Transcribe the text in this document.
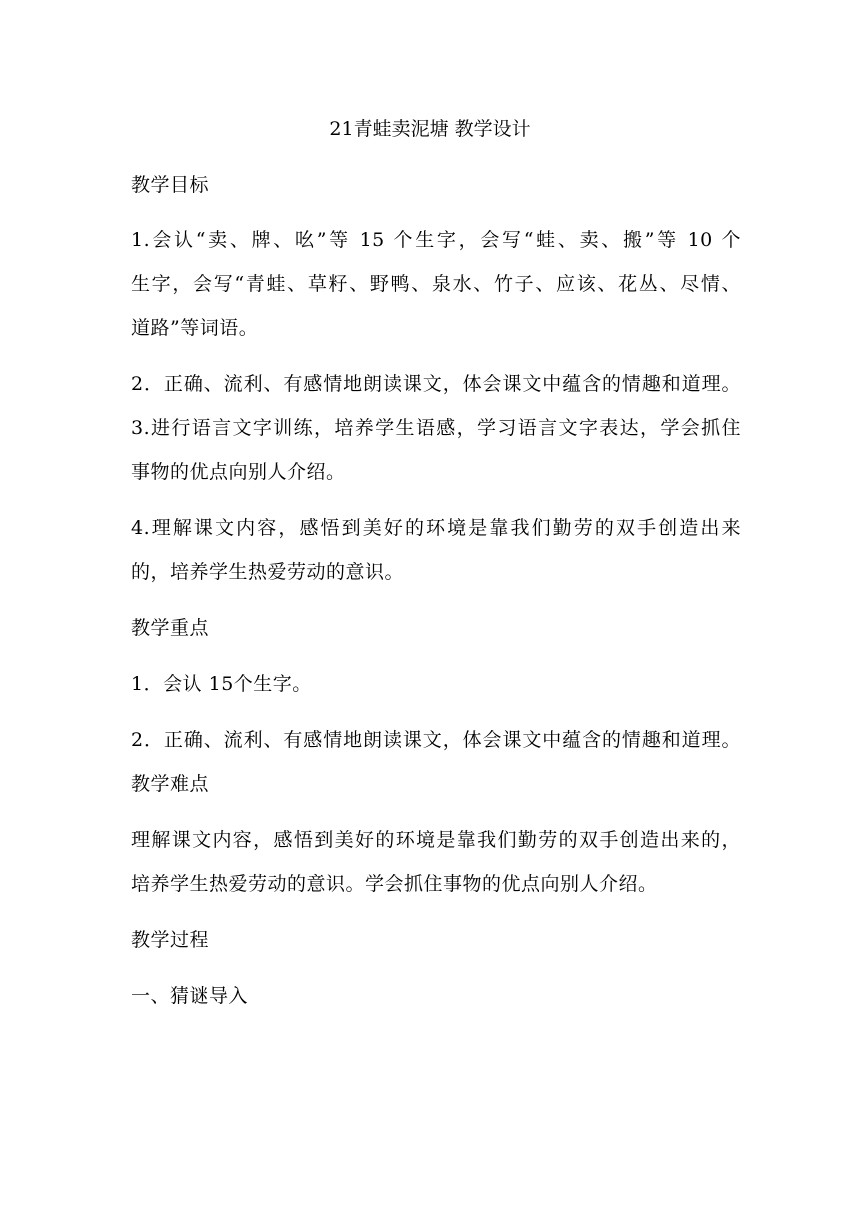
21青蛙卖泥塘 教学设计
教学目标
1.会认“卖、牌、吆”等 15 个生字，会写“蛙、卖、搬”等 10 个
生字，会写“青蛙、草籽、野鸭、泉水、竹子、应该、花丛、尽情、
道路”等词语。
2．正确、流利、有感情地朗读课文，体会课文中蕴含的情趣和道理。
3.进行语言文字训练，培养学生语感，学习语言文字表达，学会抓住
事物的优点向别人介绍。
4.理解课文内容，感悟到美好的环境是靠我们勤劳的双手创造出来
的，培养学生热爱劳动的意识。
教学重点
1．会认 15个生字。
2．正确、流利、有感情地朗读课文，体会课文中蕴含的情趣和道理。
教学难点
理解课文内容，感悟到美好的环境是靠我们勤劳的双手创造出来的，
培养学生热爱劳动的意识。学会抓住事物的优点向别人介绍。
教学过程
一、猜谜导入
